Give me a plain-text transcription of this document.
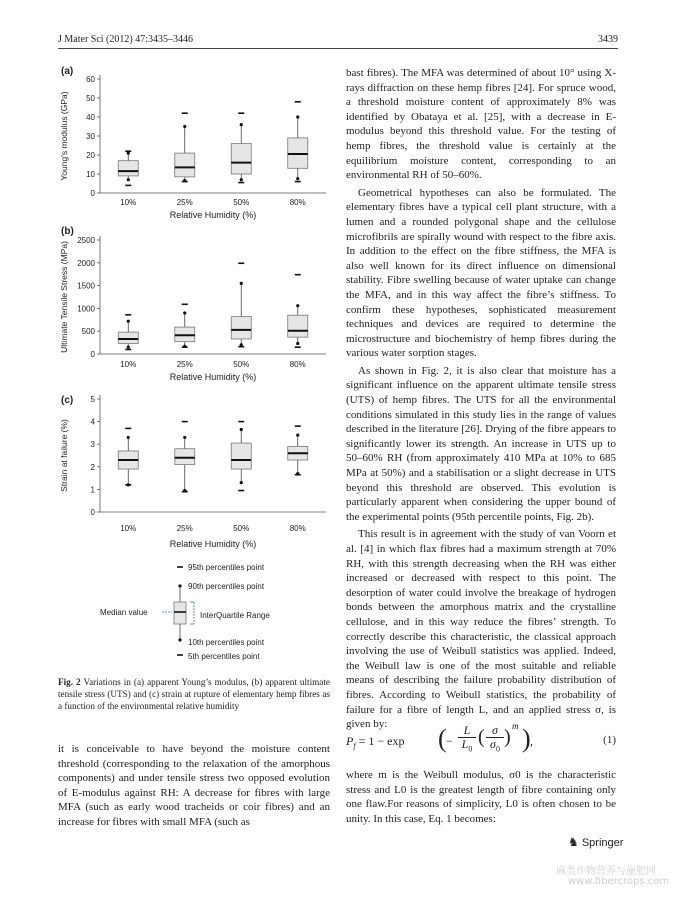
J Mater Sci (2012) 47:3435–3446	3439
(a)
0
10
20
30
40
50
60
Young's modulus (GPa)
10%	25%	50%	80%
Relative Humidity (%)
(b)
0
500
1000
1500
2000
2500
Ultimate Tensile Stress (MPa)
10%	25%	50%	80%
Relative Humidity (%)
(c)
0
1
2
3
4
5
Strain at failure (%)
10%	25%	50%	80%
Relative Humidity (%)
95th percentiles point
90th percentiles point
10th percentiles point
5th percentiles point
Median value	InterQuartile Range

Fig. 2 Variations in (a) apparent Young’s modulus, (b) apparent ultimate tensile stress (UTS) and (c) strain at rupture of elementary hemp fibres as a function of the environmental relative humidity

it is conceivable to have beyond the moisture content threshold (corresponding to the relaxation of the amorphous components) and under tensile stress two opposed evolution of E-modulus against RH: A decrease for fibres with large MFA (such as early wood tracheids or coir fibres) and an increase for fibres with small MFA (such as

bast fibres). The MFA was determined of about 10° using X-rays diffraction on these hemp fibres [24]. For spruce wood, a threshold moisture content of approximately 8% was identified by Obataya et al. [25], with a decrease in E-modulus beyond this threshold value. For the testing of hemp fibres, the threshold value is certainly at the equilibrium moisture content, corresponding to an environmental RH of 50–60%.

Geometrical hypotheses can also be formulated. The elementary fibres have a typical cell plant structure, with a lumen and a rounded polygonal shape and the cellulose microfibrils are spirally wound with respect to the fibre axis. In addition to the effect on the fibre stiffness, the MFA is also well known for its direct influence on dimensional stability. Fibre swelling because of water uptake can change the MFA, and in this way affect the fibre’s stiffness. To confirm these hypotheses, sophisticated measurement techniques and devices are required to determine the microstructure and biochemistry of hemp fibres during the various water sorption stages.

As shown in Fig. 2, it is also clear that moisture has a significant influence on the apparent ultimate tensile stress (UTS) of hemp fibres. The UTS for all the environmental conditions simulated in this study lies in the range of values described in the literature [26]. Drying of the fibre appears to significantly lower its strength. An increase in UTS up to 50–60% RH (from approximately 410 MPa at 10% to 685 MPa at 50%) and a stabilisation or a slight decrease in UTS beyond this threshold are observed. This evolution is particularly apparent when considering the upper bound of the experimental points (95th percentile points, Fig. 2b).

This result is in agreement with the study of van Voorn et al. [4] in which flax fibres had a maximum strength at 70% RH, with this strength decreasing when the RH was either increased or decreased with respect to this point. The desorption of water could involve the breakage of hydrogen bonds between the amorphous matrix and the crystalline cellulose, and in this way reduce the fibres’ strength. To correctly describe this characteristic, the classical approach involving the use of Weibull statistics was applied. Indeed, the Weibull law is one of the most suitable and reliable means of describing the failure probability distribution of fibres. According to Weibull statistics, the probability of failure for a fibre of length L, and an applied stress σ, is given by:

$P_f = 1 - \exp$ ( −
L

$L_0$
( σ

$\sigma_0$
) m ) ,	(1)

where m is the Weibull modulus, σ0 is the characteristic stress and L0 is the greatest length of fibre containing only one flaw.For reasons of simplicity, L0 is often chosen to be unity. In this case, Eq. 1 becomes:

♞ Springer
麻类作物营养与施肥网
www.fibercrops.com
